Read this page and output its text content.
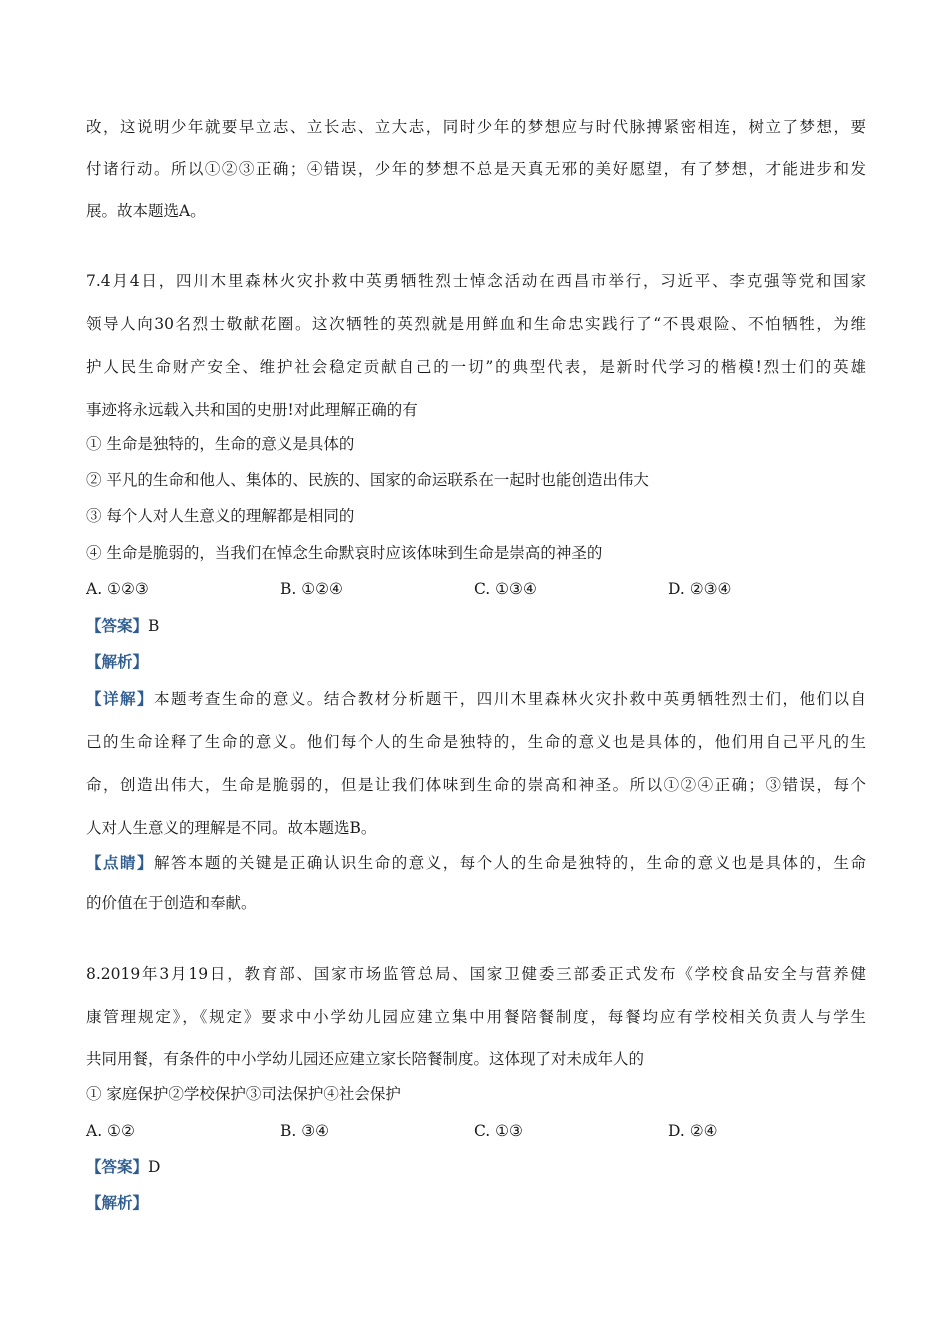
改，这说明少年就要早立志、立长志、立大志，同时少年的梦想应与时代脉搏紧密相连，树立了梦想，要
付诸行动。所以①②③正确；④错误，少年的梦想不总是天真无邪的美好愿望，有了梦想，才能进步和发
展。故本题选A。
7.4月4日，四川木里森林火灾扑救中英勇牺牲烈士悼念活动在西昌市举行，习近平、李克强等党和国家
领导人向30名烈士敬献花圈。这次牺牲的英烈就是用鲜血和生命忠实践行了“不畏艰险、不怕牺牲，为维
护人民生命财产安全、维护社会稳定贡献自己的一切”的典型代表，是新时代学习的楷模!烈士们的英雄
事迹将永远载入共和国的史册!对此理解正确的有
① 生命是独特的，生命的意义是具体的
② 平凡的生命和他人、集体的、民族的、国家的命运联系在一起时也能创造出伟大
③ 每个人对人生意义的理解都是相同的
④ 生命是脆弱的，当我们在悼念生命默哀时应该体味到生命是崇高的神圣的
A. ①②③	B. ①②④	C. ①③④	D. ②③④
【答案】B
【解析】
【详解】本题考查生命的意义。结合教材分析题干，四川木里森林火灾扑救中英勇牺牲烈士们，他们以自
己的生命诠释了生命的意义。他们每个人的生命是独特的，生命的意义也是具体的，他们用自己平凡的生
命，创造出伟大，生命是脆弱的，但是让我们体味到生命的崇高和神圣。所以①②④正确；③错误，每个
人对人生意义的理解是不同。故本题选B。
【点睛】解答本题的关键是正确认识生命的意义，每个人的生命是独特的，生命的意义也是具体的，生命
的价值在于创造和奉献。
8.2019年3月19日，教育部、国家市场监管总局、国家卫健委三部委正式发布《学校食品安全与营养健
康管理规定》，《规定》要求中小学幼儿园应建立集中用餐陪餐制度，每餐均应有学校相关负责人与学生
共同用餐，有条件的中小学幼儿园还应建立家长陪餐制度。这体现了对未成年人的
① 家庭保护②学校保护③司法保护④社会保护
A. ①②	B. ③④	C. ①③	D. ②④
【答案】D
【解析】
